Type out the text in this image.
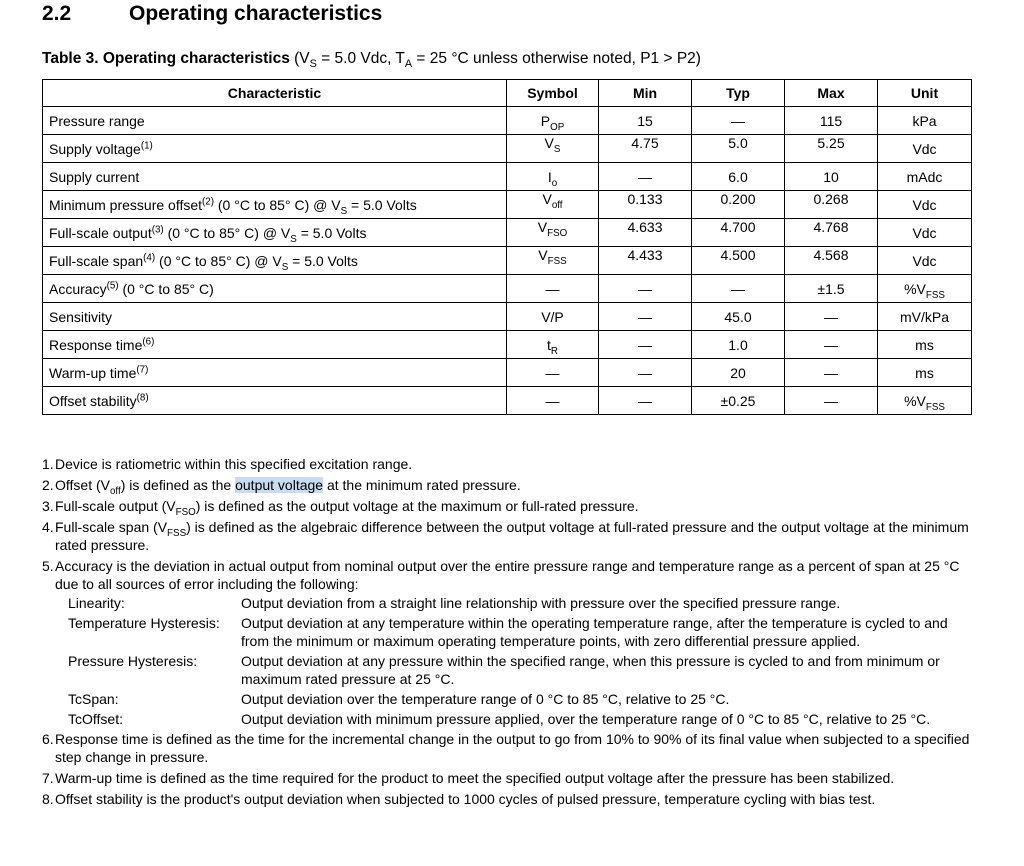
2.2	Operating characteristics
Table 3. Operating characteristics ($V_S = 5.0$ Vdc, $T_A = 25$ °C unless otherwise noted, P1 > P2)
Characteristic	Symbol	Min	Typ	Max	Unit
Pressure range	$P_{OP}$	15	—	115	kPa
Supply voltage$^{(1)}$	$V_S$	4.75	5.0	5.25	Vdc
Supply current	$I_o$	—	6.0	10	mAdc
Minimum pressure offset$^{(2)}$ (0 °C to 85° C) @ $V_S = 5.0$ Volts	$V_{off}$	0.133	0.200	0.268	Vdc
Full-scale output$^{(3)}$ (0 °C to 85° C) @ $V_S = 5.0$ Volts	$V_{FSO}$	4.633	4.700	4.768	Vdc
Full-scale span$^{(4)}$ (0 °C to 85° C) @ $V_S = 5.0$ Volts	$V_{FSS}$	4.433	4.500	4.568	Vdc
Accuracy$^{(5)}$ (0 °C to 85° C)	—	—	—	±1.5	$\%V_{FSS}$
Sensitivity	V/P	—	45.0	—	mV/kPa
Response time$^{(6)}$	$t_R$	—	1.0	—	ms
Warm-up time$^{(7)}$	—	—	20	—	ms
Offset stability$^{(8)}$	—	—	±0.25	—	$\%V_{FSS}$
1. Device is ratiometric within this specified excitation range.
2. Offset $(V_{off})$ is defined as the output voltage at the minimum rated pressure.
3. Full-scale output $(V_{FSO})$ is defined as the output voltage at the maximum or full-rated pressure.
4. Full-scale span $(V_{FSS})$ is defined as the algebraic difference between the output voltage at full-rated pressure and the output voltage at the minimum rated pressure.
5. Accuracy is the deviation in actual output from nominal output over the entire pressure range and temperature range as a percent of span at 25 °C due to all sources of error including the following:
Linearity:	Output deviation from a straight line relationship with pressure over the specified pressure range.
Temperature Hysteresis:	Output deviation at any temperature within the operating temperature range, after the temperature is cycled to and from the minimum or maximum operating temperature points, with zero differential pressure applied.
Pressure Hysteresis:	Output deviation at any pressure within the specified range, when this pressure is cycled to and from minimum or maximum rated pressure at 25 °C.
TcSpan:	Output deviation over the temperature range of 0 °C to 85 °C, relative to 25 °C.
TcOffset:	Output deviation with minimum pressure applied, over the temperature range of 0 °C to 85 °C, relative to 25 °C.
6. Response time is defined as the time for the incremental change in the output to go from 10% to 90% of its final value when subjected to a specified step change in pressure.
7. Warm-up time is defined as the time required for the product to meet the specified output voltage after the pressure has been stabilized.
8. Offset stability is the product's output deviation when subjected to 1000 cycles of pulsed pressure, temperature cycling with bias test.
